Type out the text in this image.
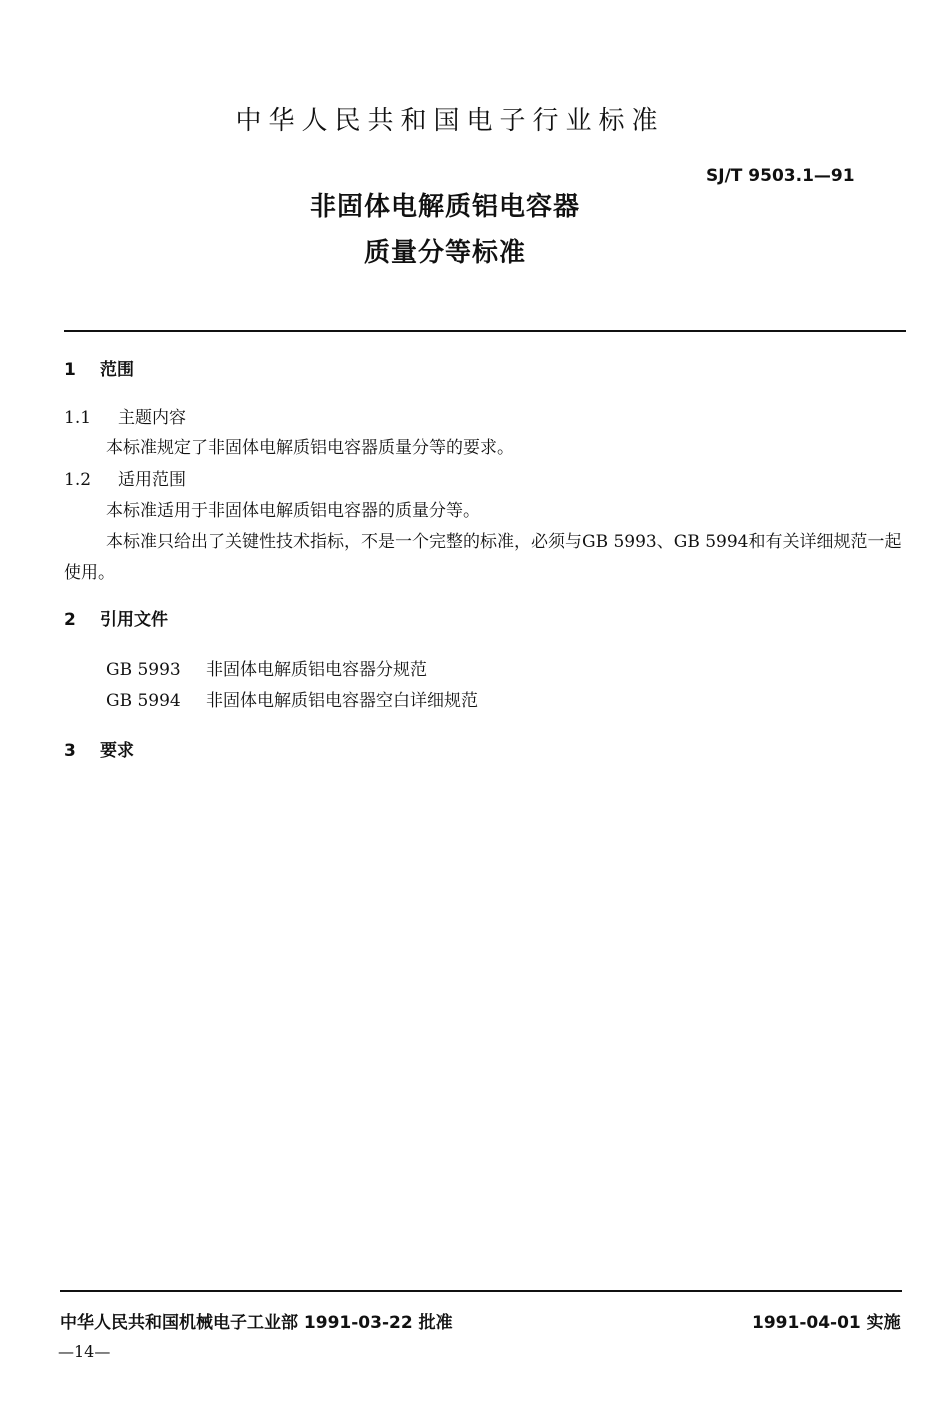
中华人民共和国电子行业标准
SJ/T 9503.1—91
非固体电解质铝电容器
质量分等标准
1 范围
1.1 主题内容
本标准规定了非固体电解质铝电容器质量分等的要求。
1.2 适用范围
本标准适用于非固体电解质铝电容器的质量分等。
本标准只给出了关键性技术指标，不是一个完整的标准，必须与GB 5993、GB 5994和有关详细规范一起使用。
2 引用文件
GB 5993 非固体电解质铝电容器分规范
GB 5994 非固体电解质铝电容器空白详细规范
3 要求
中华人民共和国机械电子工业部 1991-03-22 批准	1991-04-01 实施
—14—
